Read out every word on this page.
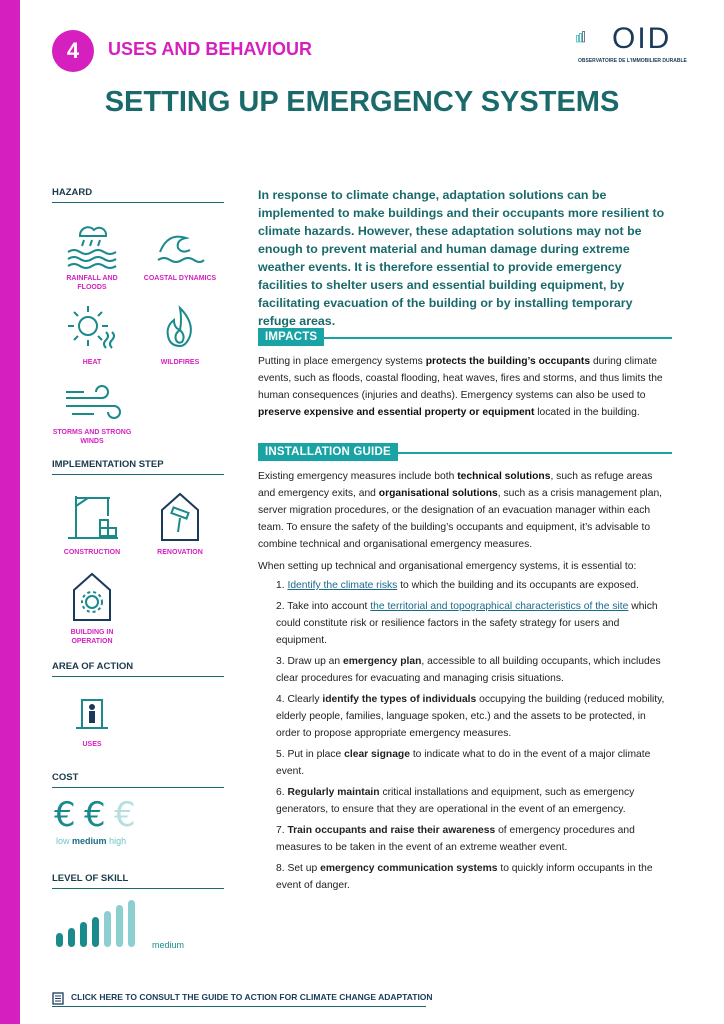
4 USES AND BEHAVIOUR	OID
OBSERVATOIRE DE L'IMMOBILIER DURABLE
SETTING UP EMERGENCY SYSTEMS
HAZARD
RAINFALL AND FLOODS
COASTAL DYNAMICS
HEAT	WILDFIRES
STORMS AND STRONG WINDS
IMPLEMENTATION STEP
CONSTRUCTION	RENOVATION
BUILDING IN OPERATION
AREA OF ACTION
USES
COST
€ € €
low medium high
LEVEL OF SKILL
medium
In response to climate change, adaptation solutions can be implemented to make buildings and their occupants more resilient to climate hazards. However, these adaptation solutions may not be enough to prevent material and human damage during extreme weather events. It is therefore essential to provide emergency facilities to shelter users and essential building equipment, by facilitating evacuation of the building or by installing temporary refuge areas.
IMPACTS
Putting in place emergency systems protects the building’s occupants during climate events, such as floods, coastal flooding, heat waves, fires and storms, and thus limits the human consequences (injuries and deaths). Emergency systems can also be used to preserve expensive and essential property or equipment located in the building.
INSTALLATION GUIDE
Existing emergency measures include both technical solutions, such as refuge areas and emergency exits, and organisational solutions, such as a crisis management plan, server migration procedures, or the designation of an evacuation manager within each team. To ensure the safety of the building’s occupants and equipment, it’s advisable to combine technical and organisational emergency measures.
When setting up technical and organisational emergency systems, it is essential to:
1. Identify the climate risks to which the building and its occupants are exposed.
2. Take into account the territorial and topographical characteristics of the site which could constitute risk or resilience factors in the safety strategy for users and equipment.
3. Draw up an emergency plan, accessible to all building occupants, which includes clear procedures for evacuating and managing crisis situations.
4. Clearly identify the types of individuals occupying the building (reduced mobility, elderly people, families, language spoken, etc.) and the assets to be protected, in order to propose appropriate emergency measures.
5. Put in place clear signage to indicate what to do in the event of a major climate event.
6. Regularly maintain critical installations and equipment, such as emergency generators, to ensure that they are operational in the event of an emergency.
7. Train occupants and raise their awareness of emergency procedures and measures to be taken in the event of an extreme weather event.
8. Set up emergency communication systems to quickly inform occupants in the event of danger.
CLICK HERE TO CONSULT THE GUIDE TO ACTION FOR CLIMATE CHANGE ADAPTATION
